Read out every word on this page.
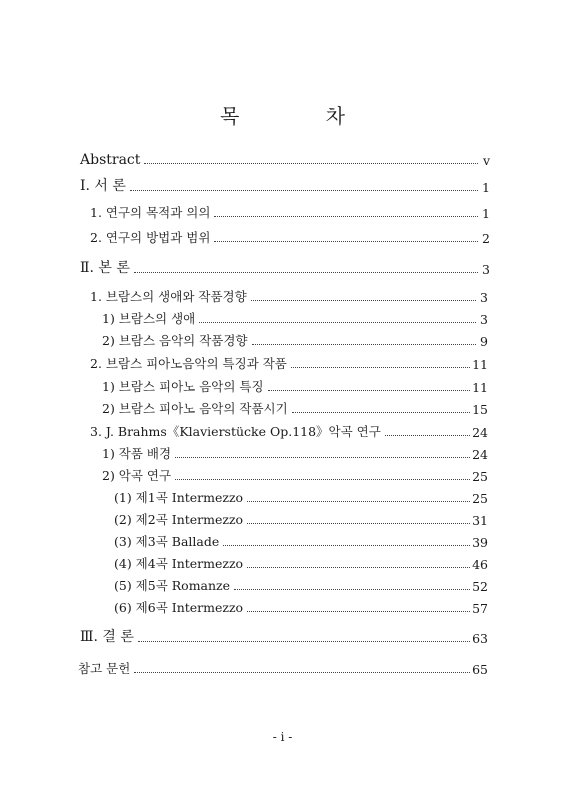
목 차
Abstract	v
Ⅰ. 서 론	1
1. 연구의 목적과 의의	1
2. 연구의 방법과 범위	2
Ⅱ. 본 론	3
1. 브람스의 생애와 작품경향	3
1) 브람스의 생애	3
2) 브람스 음악의 작품경향	9
2. 브람스 피아노음악의 특징과 작품	11
1) 브람스 피아노 음악의 특징	11
2) 브람스 피아노 음악의 작품시기	15
3. J. Brahms《Klavierstücke Op.118》악곡 연구	24
1) 작품 배경	24
2) 악곡 연구	25
(1) 제1곡 Intermezzo	25
(2) 제2곡 Intermezzo	31
(3) 제3곡 Ballade	39
(4) 제4곡 Intermezzo	46
(5) 제5곡 Romanze	52
(6) 제6곡 Intermezzo	57
Ⅲ. 결 론	63
참고 문헌	65
- i -
